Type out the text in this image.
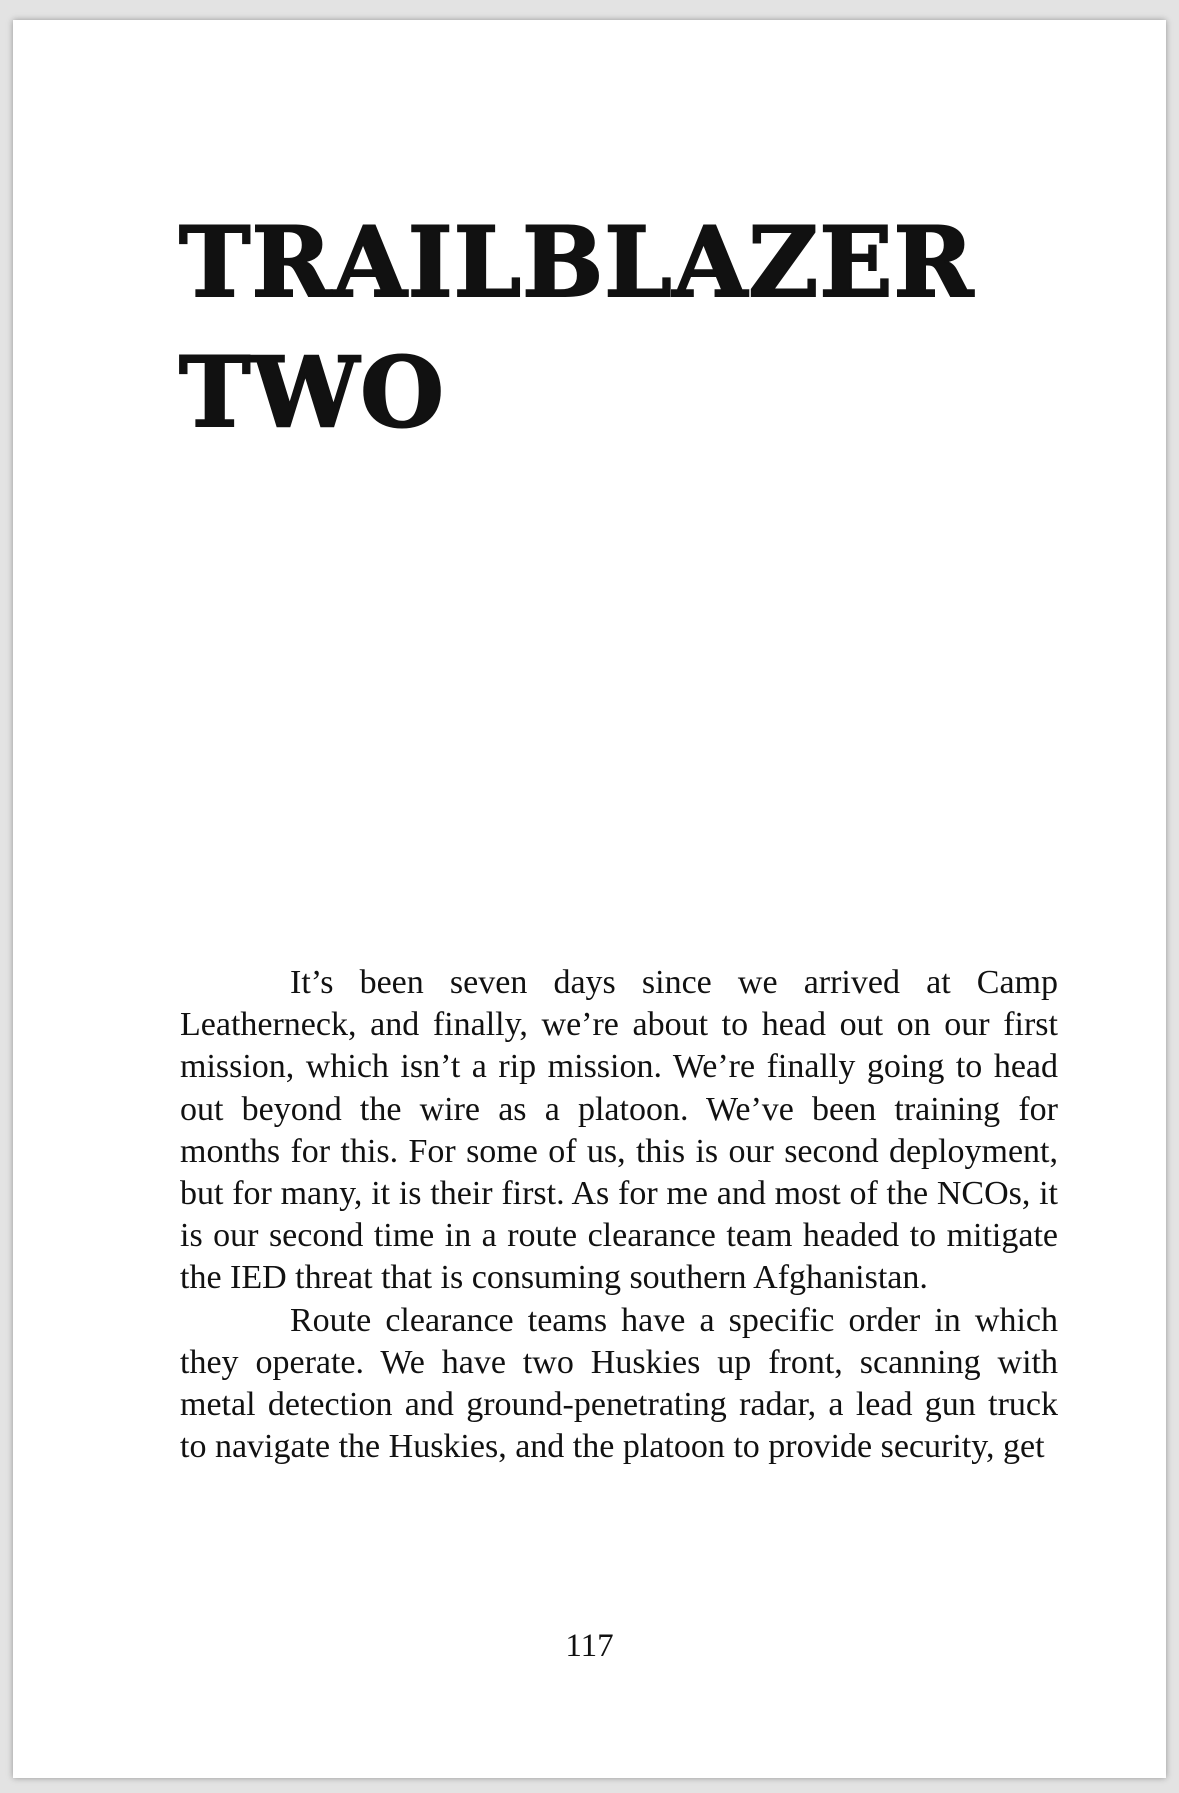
TRAILBLAZER
TWO

It’s been seven days since we arrived at Camp Leatherneck, and finally, we’re about to head out on our first mission, which isn’t a rip mission. We’re finally going to head out beyond the wire as a platoon. We’ve been training for months for this. For some of us, this is our second deployment, but for many, it is their first. As for me and most of the NCOs, it is our second time in a route clearance team headed to mitigate the IED threat that is consuming southern Afghanistan.

Route clearance teams have a specific order in which they operate. We have two Huskies up front, scanning with metal detection and ground-penetrating radar, a lead gun truck to navigate the Huskies, and the platoon to provide security, get

117
